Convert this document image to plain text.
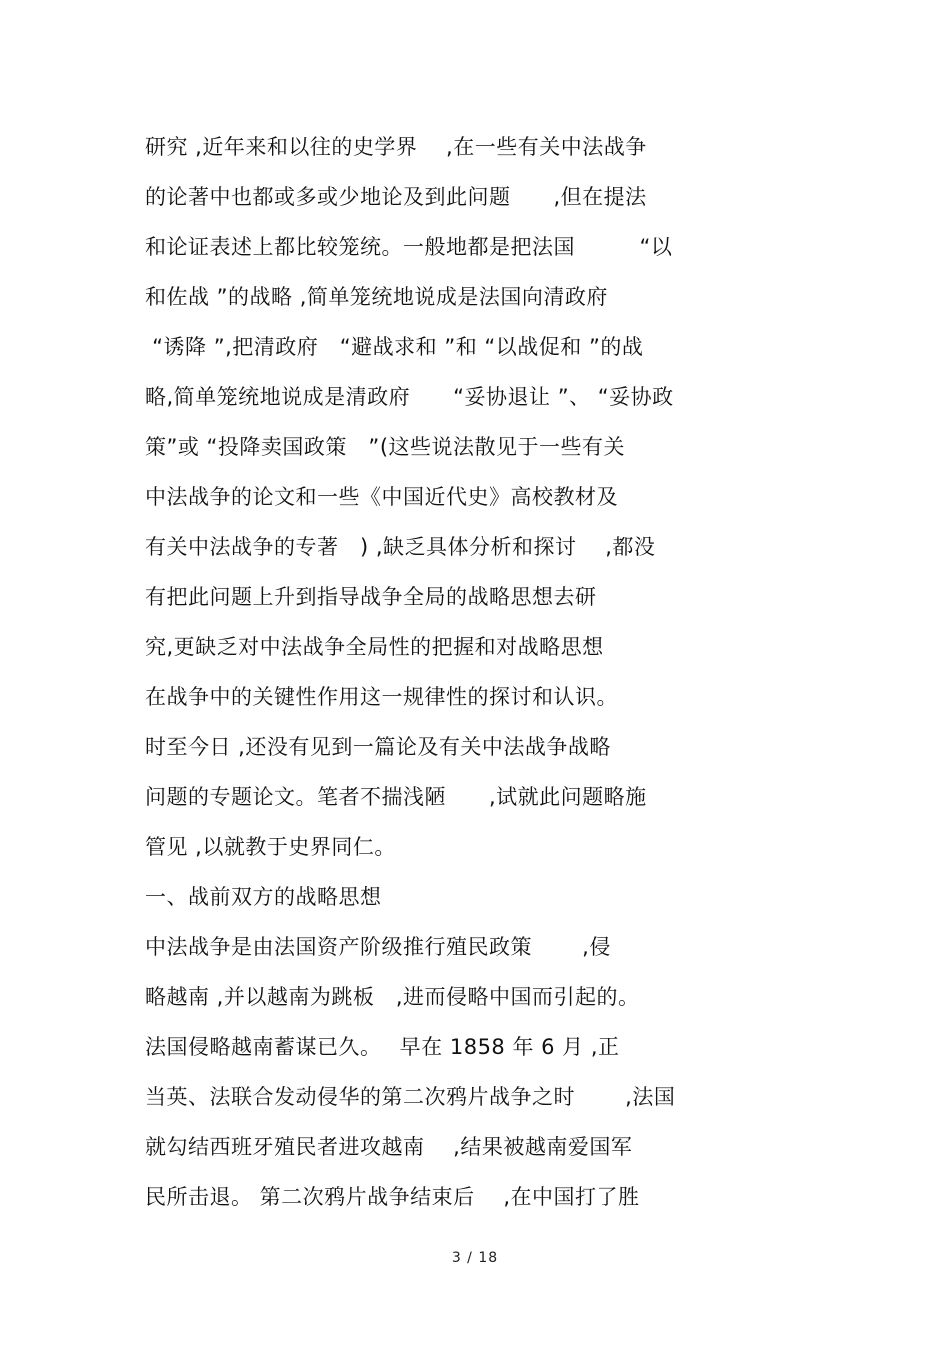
研究 ,近年来和以往的史学界　 ,在一些有关中法战争
的论著中也都或多或少地论及到此问题　　,但在提法
和论证表述上都比较笼统。一般地都是把法国　　　“以
和佐战 ”的战略 ,简单笼统地说成是法国向清政府
“诱降 ”,把清政府　“避战求和 ”和 “以战促和 ”的战
略,简单笼统地说成是清政府　　“妥协退让 ”、 “妥协政
策”或 “投降卖国政策　”(这些说法散见于一些有关
中法战争的论文和一些《中国近代史》高校教材及
有关中法战争的专著　) ,缺乏具体分析和探讨　 ,都没
有把此问题上升到指导战争全局的战略思想去研
究,更缺乏对中法战争全局性的把握和对战略思想
在战争中的关键性作用这一规律性的探讨和认识。
时至今日 ,还没有见到一篇论及有关中法战争战略
问题的专题论文。笔者不揣浅陋　　,试就此问题略施
管见 ,以就教于史界同仁。
一、战前双方的战略思想
中法战争是由法国资产阶级推行殖民政策　　 ,侵
略越南 ,并以越南为跳板　,进而侵略中国而引起的。
法国侵略越南蓄谋已久。　 早在 1858 年 6 月 ,正
当英、法联合发动侵华的第二次鸦片战争之时　　 ,法国
就勾结西班牙殖民者进攻越南　 ,结果被越南爱国军
民所击退。 第二次鸦片战争结束后　 ,在中国打了胜
3 / 18
